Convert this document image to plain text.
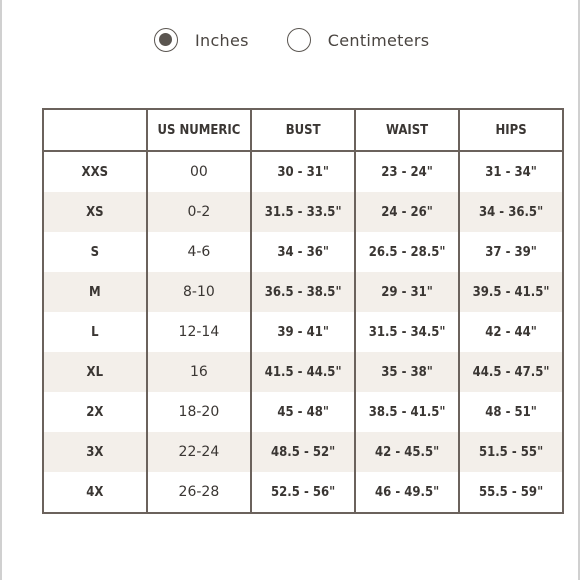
Inches	Centimeters
	US NUMERIC	BUST	WAIST	HIPS
XXS	00	30 - 31"	23 - 24"	31 - 34"
XS	0-2	31.5 - 33.5"	24 - 26"	34 - 36.5"
S	4-6	34 - 36"	26.5 - 28.5"	37 - 39"
M	8-10	36.5 - 38.5"	29 - 31"	39.5 - 41.5"
L	12-14	39 - 41"	31.5 - 34.5"	42 - 44"
XL	16	41.5 - 44.5"	35 - 38"	44.5 - 47.5"
2X	18-20	45 - 48"	38.5 - 41.5"	48 - 51"
3X	22-24	48.5 - 52"	42 - 45.5"	51.5 - 55"
4X	26-28	52.5 - 56"	46 - 49.5"	55.5 - 59"
